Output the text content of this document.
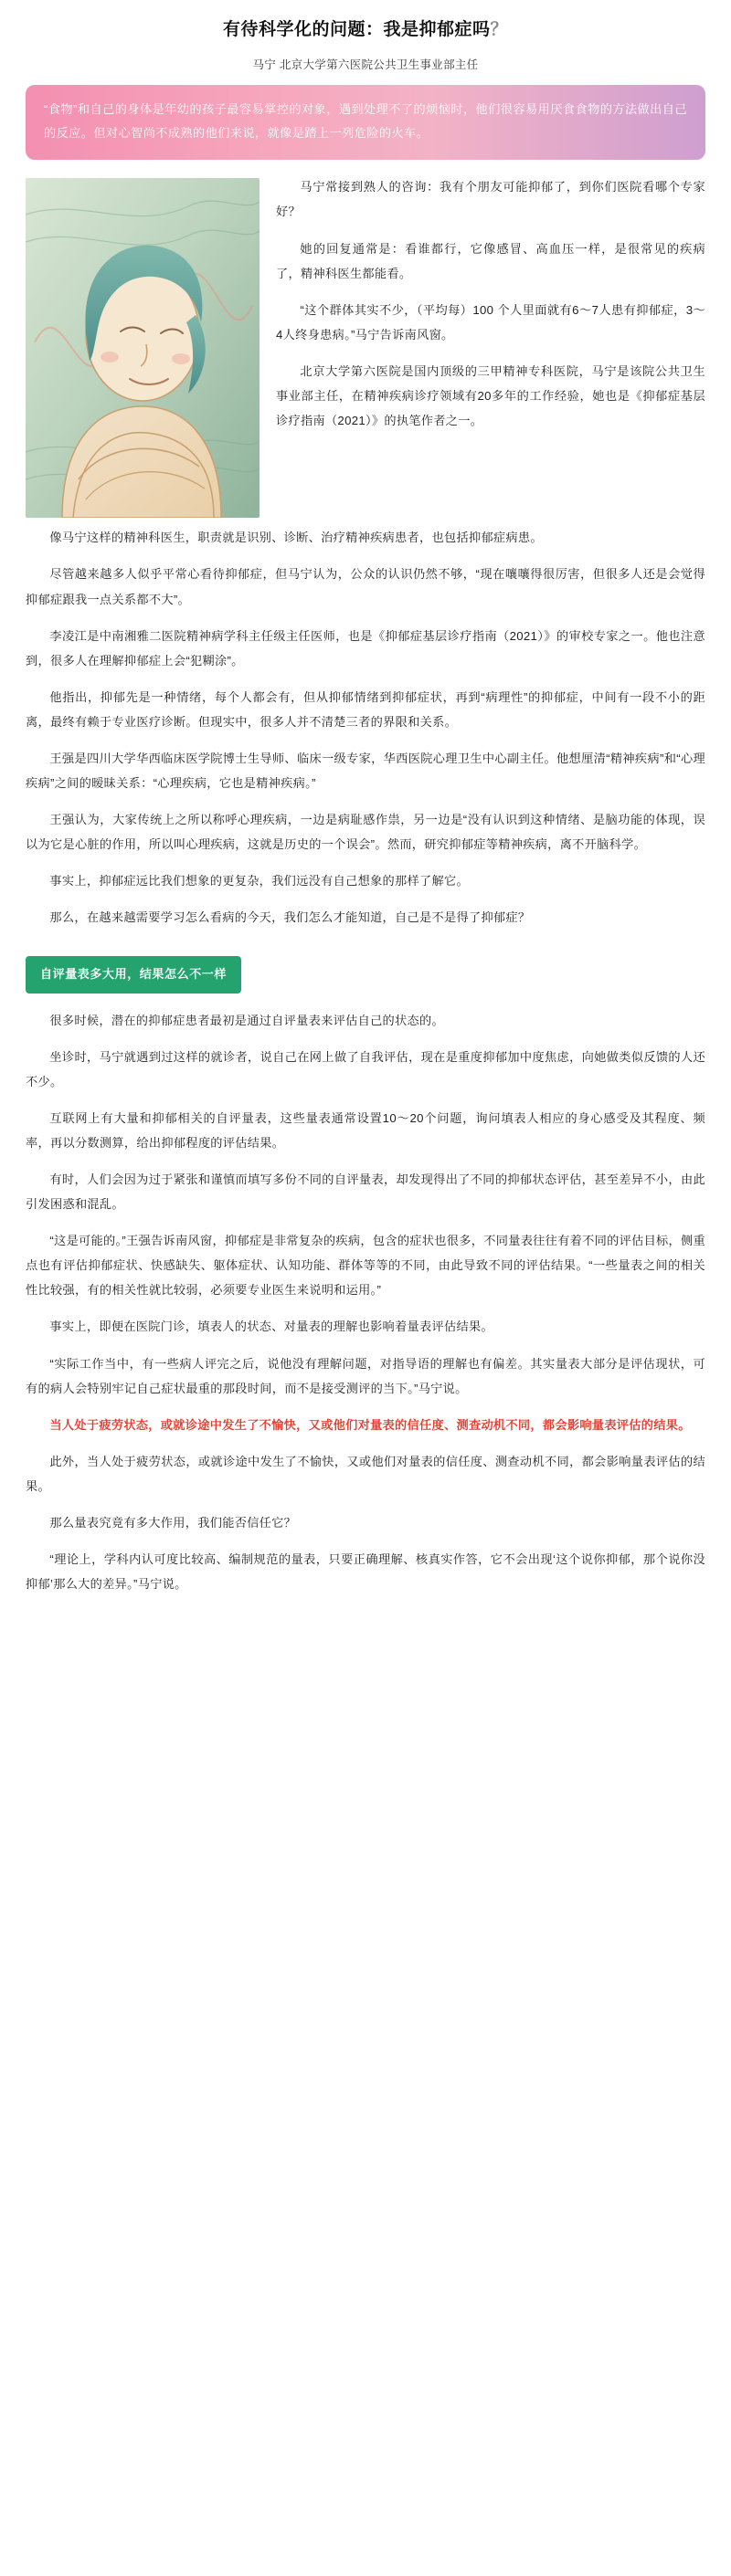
有待科学化的问题：我是抑郁症吗？
马宁 北京大学第六医院公共卫生事业部主任

“食物”和自己的身体是年幼的孩子最容易掌控的对象，遇到处理不了的烦恼时，他们很容易用厌食食物的方法做出自己的反应。但对心智尚不成熟的他们来说，就像是踏上一列危险的火车。

马宁常接到熟人的咨询：我有个朋友可能抑郁了，到你们医院看哪个专家好？

她的回复通常是：看谁都行，它像感冒、高血压一样，是很常见的疾病了，精神科医生都能看。

“这个群体其实不少，（平均每）100 个人里面就有6～7人患有抑郁症，3～4人终身患病。”马宁告诉南风窗。

北京大学第六医院是国内顶级的三甲精神专科医院，马宁是该院公共卫生事业部主任，在精神疾病诊疗领域有20多年的工作经验，她也是《抑郁症基层诊疗指南（2021）》的执笔作者之一。

像马宁这样的精神科医生，职责就是识别、诊断、治疗精神疾病患者，也包括抑郁症病患。

尽管越来越多人似乎平常心看待抑郁症，但马宁认为，公众的认识仍然不够，“现在嚷嚷得很厉害，但很多人还是会觉得抑郁症跟我一点关系都不大”。

李凌江是中南湘雅二医院精神病学科主任级主任医师，也是《抑郁症基层诊疗指南（2021）》的审校专家之一。他也注意到，很多人在理解抑郁症上会“犯糊涂”。

他指出，抑郁先是一种情绪，每个人都会有，但从抑郁情绪到抑郁症状，再到“病理性”的抑郁症，中间有一段不小的距离，最终有赖于专业医疗诊断。但现实中，很多人并不清楚三者的界限和关系。

王强是四川大学华西临床医学院博士生导师、临床一级专家，华西医院心理卫生中心副主任。他想厘清“精神疾病”和“心理疾病”之间的暧昧关系：“心理疾病，它也是精神疾病。”

王强认为，大家传统上之所以称呼心理疾病，一边是病耻感作祟，另一边是“没有认识到这种情绪、是脑功能的体现，误以为它是心脏的作用，所以叫心理疾病，这就是历史的一个误会”。然而，研究抑郁症等精神疾病，离不开脑科学。

事实上，抑郁症远比我们想象的更复杂，我们远没有自己想象的那样了解它。

那么，在越来越需要学习怎么看病的今天，我们怎么才能知道，自己是不是得了抑郁症？

自评量表多大用，结果怎么不一样

很多时候，潜在的抑郁症患者最初是通过自评量表来评估自己的状态的。

坐诊时，马宁就遇到过这样的就诊者，说自己在网上做了自我评估，现在是重度抑郁加中度焦虑，向她做类似反馈的人还不少。

互联网上有大量和抑郁相关的自评量表，这些量表通常设置10～20个问题，询问填表人相应的身心感受及其程度、频率，再以分数测算，给出抑郁程度的评估结果。

有时，人们会因为过于紧张和谨慎而填写多份不同的自评量表，却发现得出了不同的抑郁状态评估，甚至差异不小，由此引发困惑和混乱。

“这是可能的。”王强告诉南风窗，抑郁症是非常复杂的疾病，包含的症状也很多，不同量表往往有着不同的评估目标，侧重点也有评估抑郁症状、快感缺失、躯体症状、认知功能、群体等等的不同，由此导致不同的评估结果。“一些量表之间的相关性比较强，有的相关性就比较弱，必须要专业医生来说明和运用。”

事实上，即便在医院门诊，填表人的状态、对量表的理解也影响着量表评估结果。

“实际工作当中，有一些病人评完之后，说他没有理解问题，对指导语的理解也有偏差。其实量表大部分是评估现状，可有的病人会特别牢记自己症状最重的那段时间，而不是接受测评的当下。”马宁说。

当人处于疲劳状态，或就诊途中发生了不愉快，又或他们对量表的信任度、测查动机不同，都会影响量表评估的结果。

此外，当人处于疲劳状态，或就诊途中发生了不愉快，又或他们对量表的信任度、测查动机不同，都会影响量表评估的结果。

那么量表究竟有多大作用，我们能否信任它？

“理论上，学科内认可度比较高、编制规范的量表，只要正确理解、核真实作答，它不会出现‘这个说你抑郁，那个说你没抑郁’那么大的差异。”马宁说。
